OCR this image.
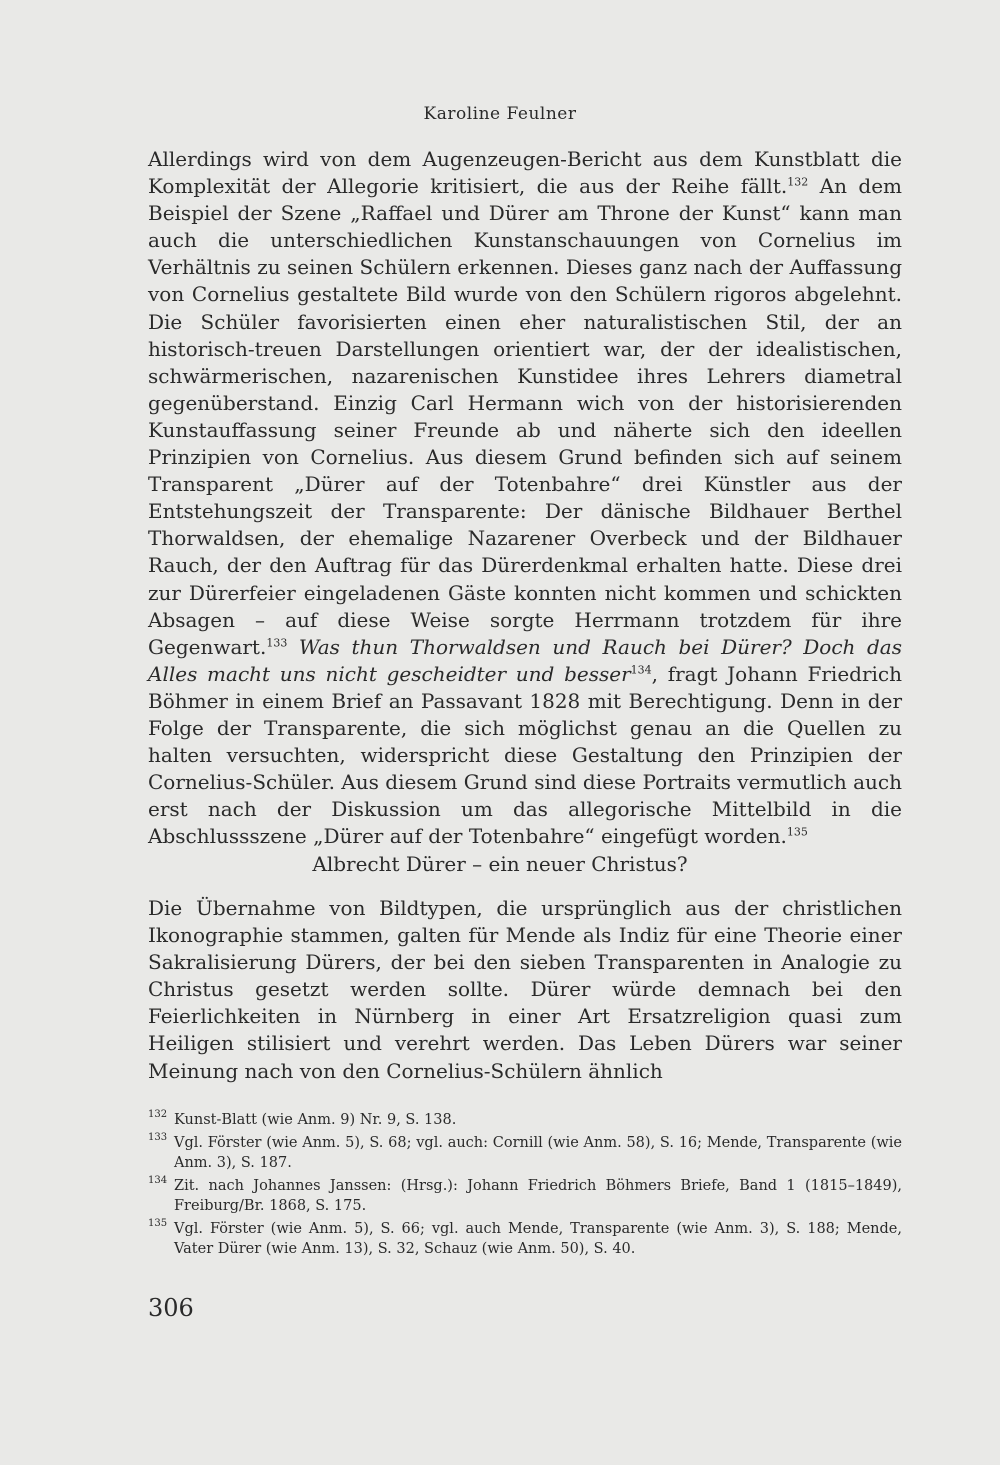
Karoline Feulner

Allerdings wird von dem Augenzeugen-Bericht aus dem Kunstblatt die Komplexität der Allegorie kritisiert, die aus der Reihe fällt.$^{132}$ An dem Beispiel der Szene „Raffael und Dürer am Throne der Kunst“ kann man auch die unterschiedlichen Kunstanschauungen von Cornelius im Verhältnis zu seinen Schülern erkennen. Dieses ganz nach der Auffassung von Cornelius gestaltete Bild wurde von den Schülern rigoros abgelehnt. Die Schüler favorisierten einen eher naturalistischen Stil, der an historisch-treuen Darstellungen orientiert war, der der idealistischen, schwärmerischen, nazarenischen Kunstidee ihres Lehrers diametral gegenüberstand. Einzig Carl Hermann wich von der historisierenden Kunstauffassung seiner Freunde ab und näherte sich den ideellen Prinzipien von Cornelius. Aus diesem Grund befinden sich auf seinem Transparent „Dürer auf der Totenbahre“ drei Künstler aus der Entstehungszeit der Transparente: Der dänische Bildhauer Berthel Thorwaldsen, der ehemalige Nazarener Overbeck und der Bildhauer Rauch, der den Auftrag für das Dürerdenkmal erhalten hatte. Diese drei zur Dürerfeier eingeladenen Gäste konnten nicht kommen und schickten Absagen – auf diese Weise sorgte Herrmann trotzdem für ihre Gegenwart.$^{133}$ Was thun Thorwaldsen und Rauch bei Dürer? Doch das Alles macht uns nicht gescheidter und besser$^{134}$, fragt Johann Friedrich Böhmer in einem Brief an Passavant 1828 mit Berechtigung. Denn in der Folge der Transparente, die sich möglichst genau an die Quellen zu halten versuchten, widerspricht diese Gestaltung den Prinzipien der Cornelius-Schüler. Aus diesem Grund sind diese Portraits vermutlich auch erst nach der Diskussion um das allegorische Mittelbild in die Abschlussszene „Dürer auf der Totenbahre“ eingefügt worden.$^{135}$

Albrecht Dürer – ein neuer Christus?

Die Übernahme von Bildtypen, die ursprünglich aus der christlichen Ikonographie stammen, galten für Mende als Indiz für eine Theorie einer Sakralisierung Dürers, der bei den sieben Transparenten in Analogie zu Christus gesetzt werden sollte. Dürer würde demnach bei den Feierlichkeiten in Nürnberg in einer Art Ersatzreligion quasi zum Heiligen stilisiert und verehrt werden. Das Leben Dürers war seiner Meinung nach von den Cornelius-Schülern ähnlich

132 Kunst-Blatt (wie Anm. 9) Nr. 9, S. 138.
133 Vgl. Förster (wie Anm. 5), S. 68; vgl. auch: Cornill (wie Anm. 58), S. 16; Mende, Transparente (wie Anm. 3), S. 187.
134 Zit. nach Johannes Janssen: (Hrsg.): Johann Friedrich Böhmers Briefe, Band 1 (1815–1849), Freiburg/Br. 1868, S. 175.
135 Vgl. Förster (wie Anm. 5), S. 66; vgl. auch Mende, Transparente (wie Anm. 3), S. 188; Mende, Vater Dürer (wie Anm. 13), S. 32, Schauz (wie Anm. 50), S. 40.
306
